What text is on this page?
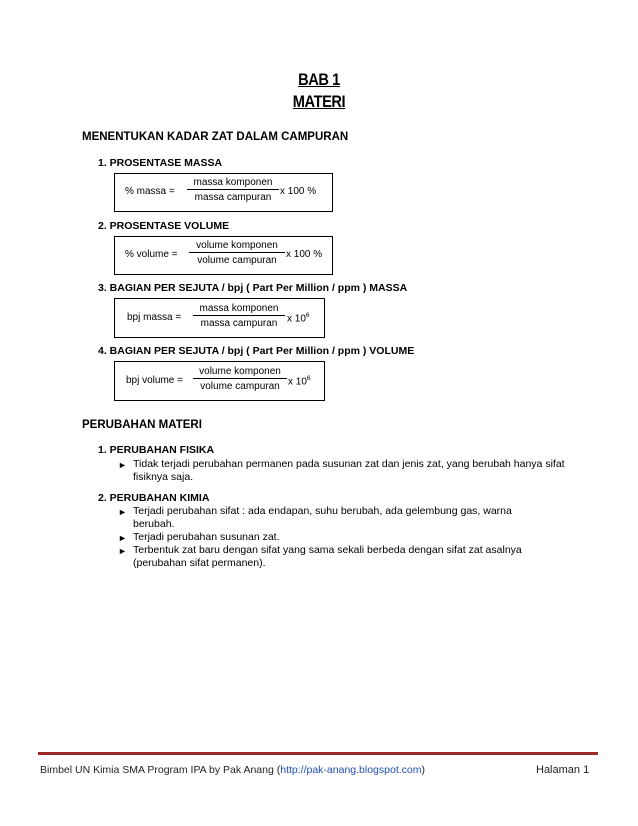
BAB 1
MATERI
MENENTUKAN KADAR ZAT DALAM CAMPURAN
1. PROSENTASE MASSA
% massa =
massa komponen
massa campuran
x 100 %
2. PROSENTASE VOLUME
% volume =
volume komponen
volume campuran
x 100 %
3. BAGIAN PER SEJUTA / bpj ( Part Per Million / ppm ) MASSA
bpj massa =
massa komponen
massa campuran x $10^6$
4. BAGIAN PER SEJUTA / bpj ( Part Per Million / ppm ) VOLUME
bpj volume =
volume komponen
volume campuran x $10^6$
PERUBAHAN MATERI
1. PERUBAHAN FISIKA
► Tidak terjadi perubahan permanen pada susunan zat dan jenis zat, yang berubah hanya sifat fisiknya saja.
2. PERUBAHAN KIMIA
► Terjadi perubahan sifat : ada endapan, suhu berubah, ada gelembung gas, warna berubah.
► Terjadi perubahan susunan zat.
► Terbentuk zat baru dengan sifat yang sama sekali berbeda dengan sifat zat asalnya (perubahan sifat permanen).
Bimbel UN Kimia SMA Program IPA by Pak Anang (http://pak-anang.blogspot.com)	Halaman 1
